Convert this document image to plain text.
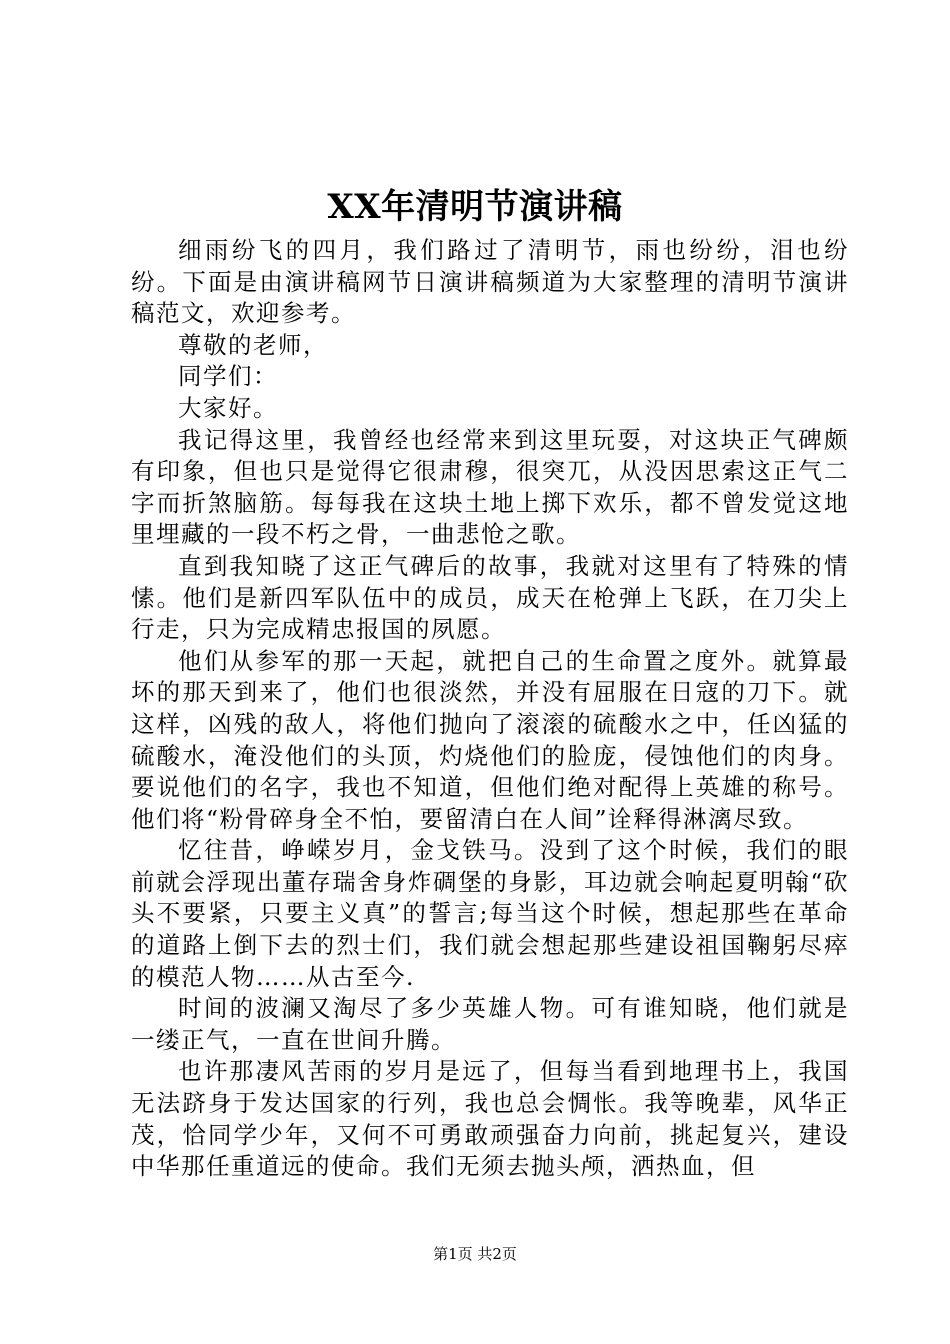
XX年清明节演讲稿

细雨纷飞的四月，我们路过了清明节，雨也纷纷，泪也纷纷。下面是由演讲稿网节日演讲稿频道为大家整理的清明节演讲稿范文，欢迎参考。

尊敬的老师，

同学们：

大家好。

我记得这里，我曾经也经常来到这里玩耍，对这块正气碑颇有印象，但也只是觉得它很肃穆，很突兀，从没因思索这正气二字而折煞脑筋。每每我在这块土地上掷下欢乐，都不曾发觉这地里埋藏的一段不朽之骨，一曲悲怆之歌。

直到我知晓了这正气碑后的故事，我就对这里有了特殊的情愫。他们是新四军队伍中的成员，成天在枪弹上飞跃，在刀尖上行走，只为完成精忠报国的夙愿。

他们从参军的那一天起，就把自己的生命置之度外。就算最坏的那天到来了，他们也很淡然，并没有屈服在日寇的刀下。就这样，凶残的敌人，将他们抛向了滚滚的硫酸水之中，任凶猛的硫酸水，淹没他们的头顶，灼烧他们的脸庞，侵蚀他们的肉身。要说他们的名字，我也不知道，但他们绝对配得上英雄的称号。他们将“粉骨碎身全不怕，要留清白在人间”诠释得淋漓尽致。

忆往昔，峥嵘岁月，金戈铁马。没到了这个时候，我们的眼前就会浮现出董存瑞舍身炸碉堡的身影，耳边就会响起夏明翰“砍头不要紧，只要主义真”的誓言;每当这个时候，想起那些在革命的道路上倒下去的烈士们，我们就会想起那些建设祖国鞠躬尽瘁的模范人物……从古至今.

时间的波澜又淘尽了多少英雄人物。可有谁知晓，他们就是一缕正气，一直在世间升腾。

也许那凄风苦雨的岁月是远了，但每当看到地理书上，我国无法跻身于发达国家的行列，我也总会惆怅。我等晚辈，风华正茂，恰同学少年，又何不可勇敢顽强奋力向前，挑起复兴，建设中华那任重道远的使命。我们无须去抛头颅，洒热血，但

第1页 共2页
